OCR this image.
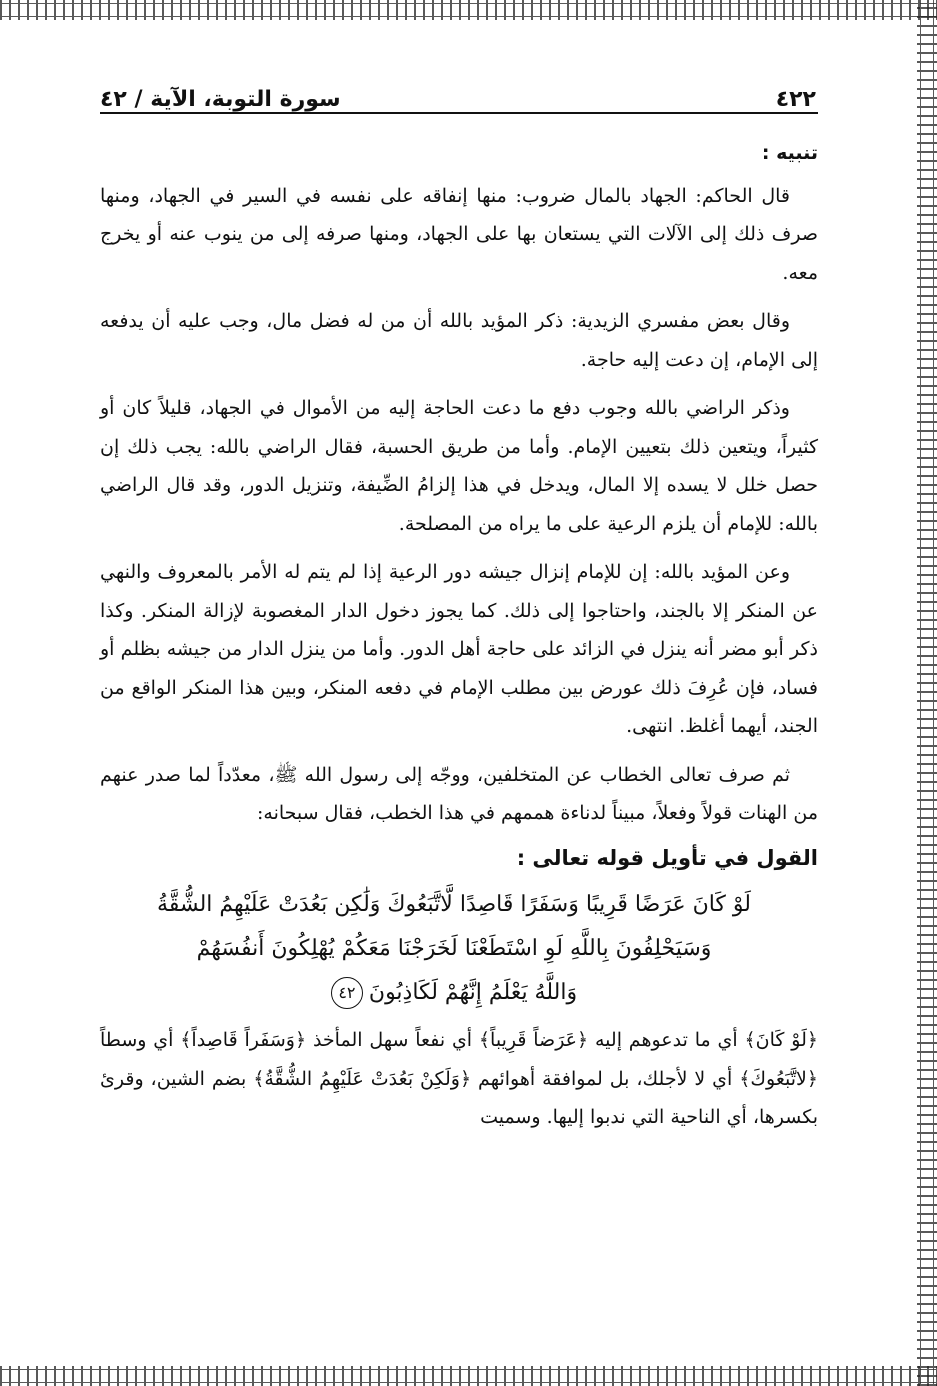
٤٢٢
سورة التوبة، الآية / ٤٢
تنبيه :

قال الحاكم: الجهاد بالمال ضروب: منها إنفاقه على نفسه في السير في الجهاد، ومنها صرف ذلك إلى الآلات التي يستعان بها على الجهاد، ومنها صرفه إلى من ينوب عنه أو يخرج معه.

وقال بعض مفسري الزيدية: ذكر المؤيد بالله أن من له فضل مال، وجب عليه أن يدفعه إلى الإمام، إن دعت إليه حاجة.

وذكر الراضي بالله وجوب دفع ما دعت الحاجة إليه من الأموال في الجهاد، قليلاً كان أو كثيراً، ويتعين ذلك بتعيين الإمام. وأما من طريق الحسبة، فقال الراضي بالله: يجب ذلك إن حصل خلل لا يسده إلا المال، ويدخل في هذا إلزامُ الضِّيفة، وتنزيل الدور، وقد قال الراضي بالله: للإمام أن يلزم الرعية على ما يراه من المصلحة.

وعن المؤيد بالله: إن للإمام إنزال جيشه دور الرعية إذا لم يتم له الأمر بالمعروف والنهي عن المنكر إلا بالجند، واحتاجوا إلى ذلك. كما يجوز دخول الدار المغصوبة لإزالة المنكر. وكذا ذكر أبو مضر أنه ينزل في الزائد على حاجة أهل الدور. وأما من ينزل الدار من جيشه بظلم أو فساد، فإن عُرِفَ ذلك عورض بين مطلب الإمام في دفعه المنكر، وبين هذا المنكر الواقع من الجند، أيهما أغلظ. انتهى.

ثم صرف تعالى الخطاب عن المتخلفين، ووجّه إلى رسول الله ﷺ، معدّداً لما صدر عنهم من الهنات قولاً وفعلاً، مبيناً لدناءة هممهم في هذا الخطب، فقال سبحانه:

القول في تأويل قوله تعالى :
لَوْ كَانَ عَرَضًا قَرِيبًا وَسَفَرًا قَاصِدًا لَّاتَّبَعُوكَ وَلَٰكِن بَعُدَتْ عَلَيْهِمُ الشُّقَّةُ
وَسَيَحْلِفُونَ بِاللَّهِ لَوِ اسْتَطَعْنَا لَخَرَجْنَا مَعَكُمْ يُهْلِكُونَ أَنفُسَهُمْ
وَاللَّهُ يَعْلَمُ إِنَّهُمْ لَكَاذِبُونَ٤٢

﴿لَوْ كَانَ﴾ أي ما تدعوهم إليه ﴿عَرَضاً قَرِيباً﴾ أي نفعاً سهل المأخذ ﴿وَسَفَراً قَاصِداً﴾ أي وسطاً ﴿لاتَّبَعُوكَ﴾ أي لا لأجلك، بل لموافقة أهوائهم ﴿وَلَكِنْ بَعُدَتْ عَلَيْهِمُ الشُّقَّةُ﴾ بضم الشين، وقرئ بكسرها، أي الناحية التي ندبوا إليها. وسميت
